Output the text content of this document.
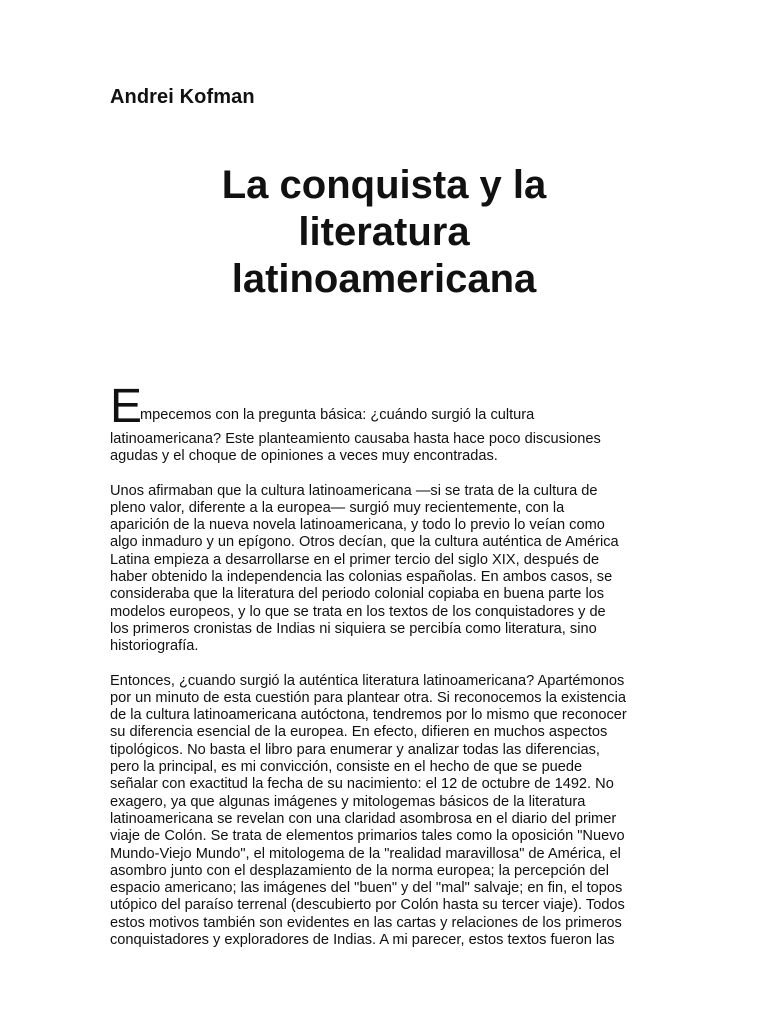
Andrei Kofman

La conquista y la
literatura
latinoamericana
E
mpecemos con la pregunta básica: ¿cuándo surgió la cultura
latinoamericana? Este planteamiento causaba hasta hace poco discusiones
agudas y el choque de opiniones a veces muy encontradas.
Unos afirmaban que la cultura latinoamericana —si se trata de la cultura de
pleno valor, diferente a la europea— surgió muy recientemente, con la
aparición de la nueva novela latinoamericana, y todo lo previo lo veían como
algo inmaduro y un epígono. Otros decían, que la cultura auténtica de América
Latina empieza a desarrollarse en el primer tercio del siglo XIX, después de
haber obtenido la independencia las colonias españolas. En ambos casos, se
consideraba que la literatura del periodo colonial copiaba en buena parte los
modelos europeos, y lo que se trata en los textos de los conquistadores y de
los primeros cronistas de Indias ni siquiera se percibía como literatura, sino
historiografía.
Entonces, ¿cuando surgió la auténtica literatura latinoamericana? Apartémonos
por un minuto de esta cuestión para plantear otra. Si reconocemos la existencia
de la cultura latinoamericana autóctona, tendremos por lo mismo que reconocer
su diferencia esencial de la europea. En efecto, difieren en muchos aspectos
tipológicos. No basta el libro para enumerar y analizar todas las diferencias,
pero la principal, es mi convicción, consiste en el hecho de que se puede
señalar con exactitud la fecha de su nacimiento: el 12 de octubre de 1492. No
exagero, ya que algunas imágenes y mitologemas básicos de la literatura
latinoamericana se revelan con una claridad asombrosa en el diario del primer
viaje de Colón. Se trata de elementos primarios tales como la oposición "Nuevo
Mundo-Viejo Mundo", el mitologema de la "realidad maravillosa" de América, el
asombro junto con el desplazamiento de la norma europea; la percepción del
espacio americano; las imágenes del "buen" y del "mal" salvaje; en fin, el topos
utópico del paraíso terrenal (descubierto por Colón hasta su tercer viaje). Todos
estos motivos también son evidentes en las cartas y relaciones de los primeros
conquistadores y exploradores de Indias. A mi parecer, estos textos fueron las
